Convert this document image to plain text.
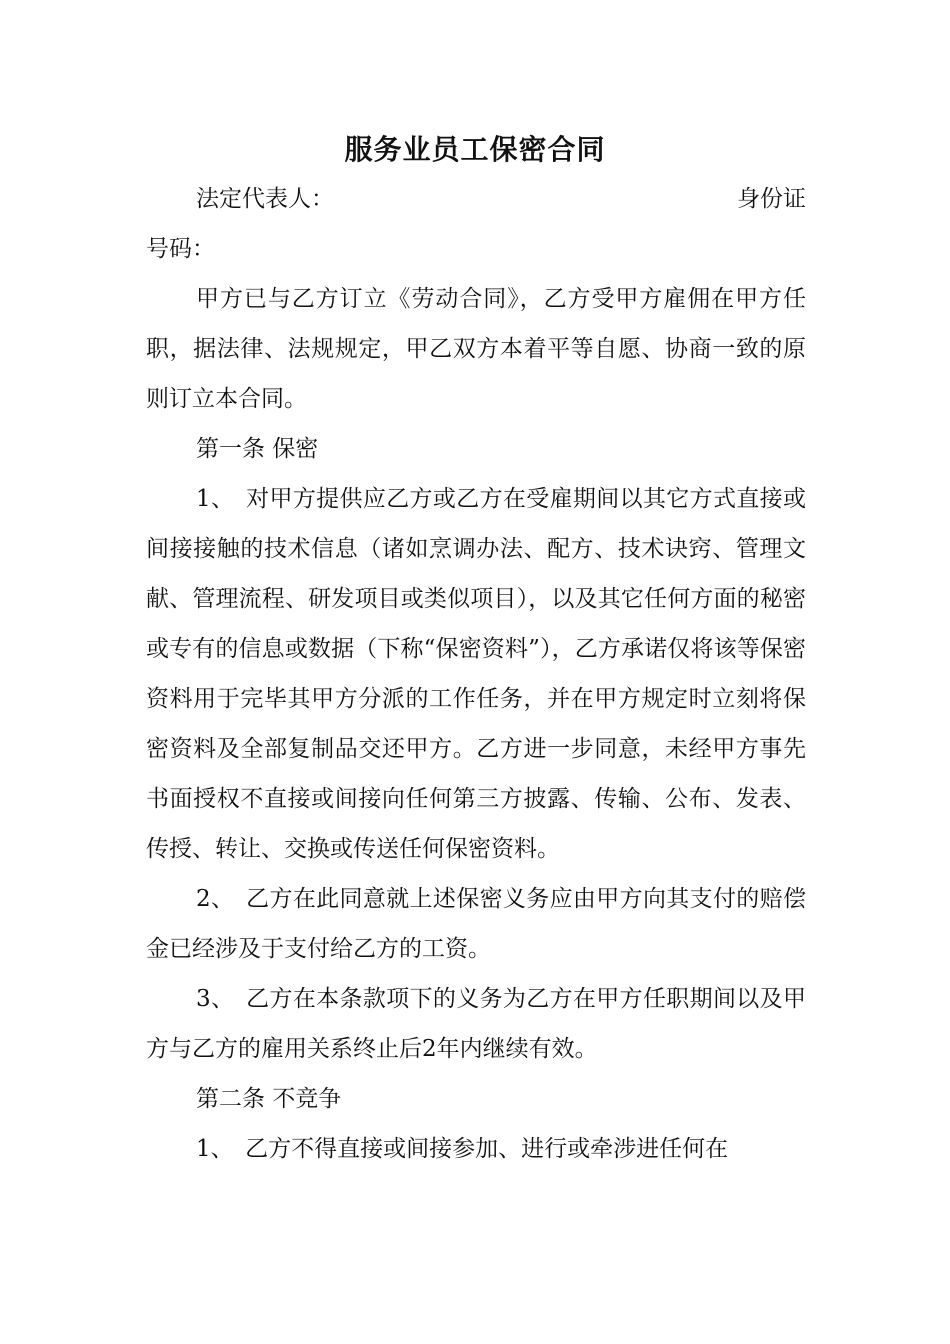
服务业员工保密合同
法定代表人：	身份证

号码：

甲方已与乙方订立《劳动合同》，乙方受甲方雇佣在甲方任职，据法律、法规规定，甲乙双方本着平等自愿、协商一致的原则订立本合同。

第一条 保密

1、　对甲方提供应乙方或乙方在受雇期间以其它方式直接或间接接触的技术信息（诸如烹调办法、配方、技术诀窍、管理文献、管理流程、研发项目或类似项目），以及其它任何方面的秘密或专有的信息或数据（下称“保密资料”），乙方承诺仅将该等保密资料用于完毕其甲方分派的工作任务，并在甲方规定时立刻将保密资料及全部复制品交还甲方。乙方进一步同意，未经甲方事先书面授权不直接或间接向任何第三方披露、传输、公布、发表、传授、转让、交换或传送任何保密资料。

2、　乙方在此同意就上述保密义务应由甲方向其支付的赔偿金已经涉及于支付给乙方的工资。

3、　乙方在本条款项下的义务为乙方在甲方任职期间以及甲方与乙方的雇用关系终止后2年内继续有效。

第二条 不竞争

1、　乙方不得直接或间接参加、进行或牵涉进任何在
